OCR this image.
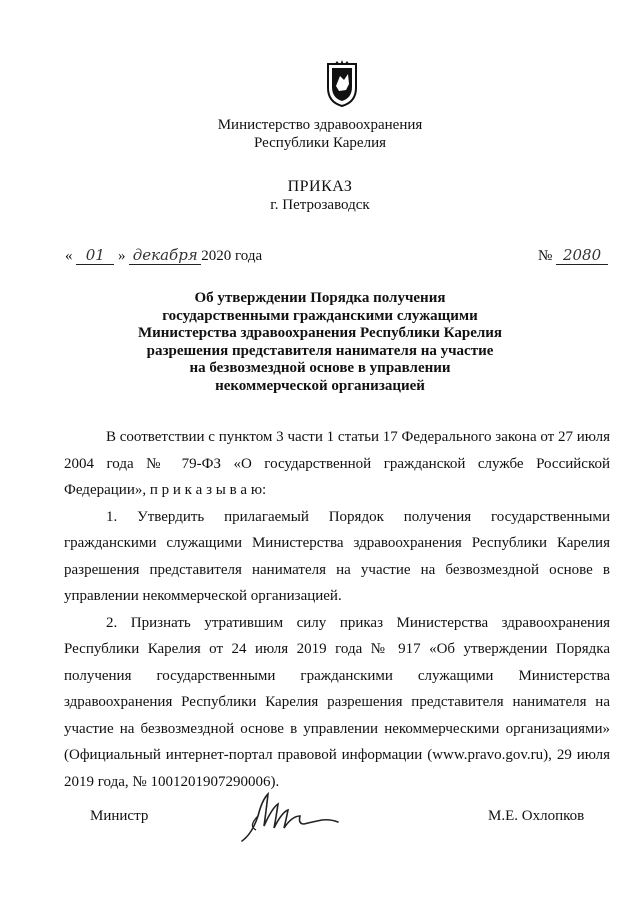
Министерство здравоохранения
Республики Карелия
ПРИКАЗ
г. Петрозаводск
« 01 » декабря 2020 года	№ 2080
Об утверждении Порядка получения
государственными гражданскими служащими
Министерства здравоохранения Республики Карелия
разрешения представителя нанимателя на участие
на безвозмездной основе в управлении
некоммерческой организацией

В соответствии с пунктом 3 части 1 статьи 17 Федерального закона от 27 июля 2004 года № 79-ФЗ «О государственной гражданской службе Российской Федерации», п р и к а з ы в а ю:

1. Утвердить прилагаемый Порядок получения государственными гражданскими служащими Министерства здравоохранения Республики Карелия разрешения представителя нанимателя на участие на безвозмездной основе в управлении некоммерческой организацией.

2. Признать утратившим силу приказ Министерства здравоохранения Республики Карелия от 24 июля 2019 года № 917 «Об утверждении Порядка получения государственными гражданскими служащими Министерства здравоохранения Республики Карелия разрешения представителя нанимателя на участие на безвозмездной основе в управлении некоммерческими организациями» (Официальный интернет-портал правовой информации (www.pravo.gov.ru), 29 июля 2019 года, № 1001201907290006).

Министр	М.Е. Охлопков
